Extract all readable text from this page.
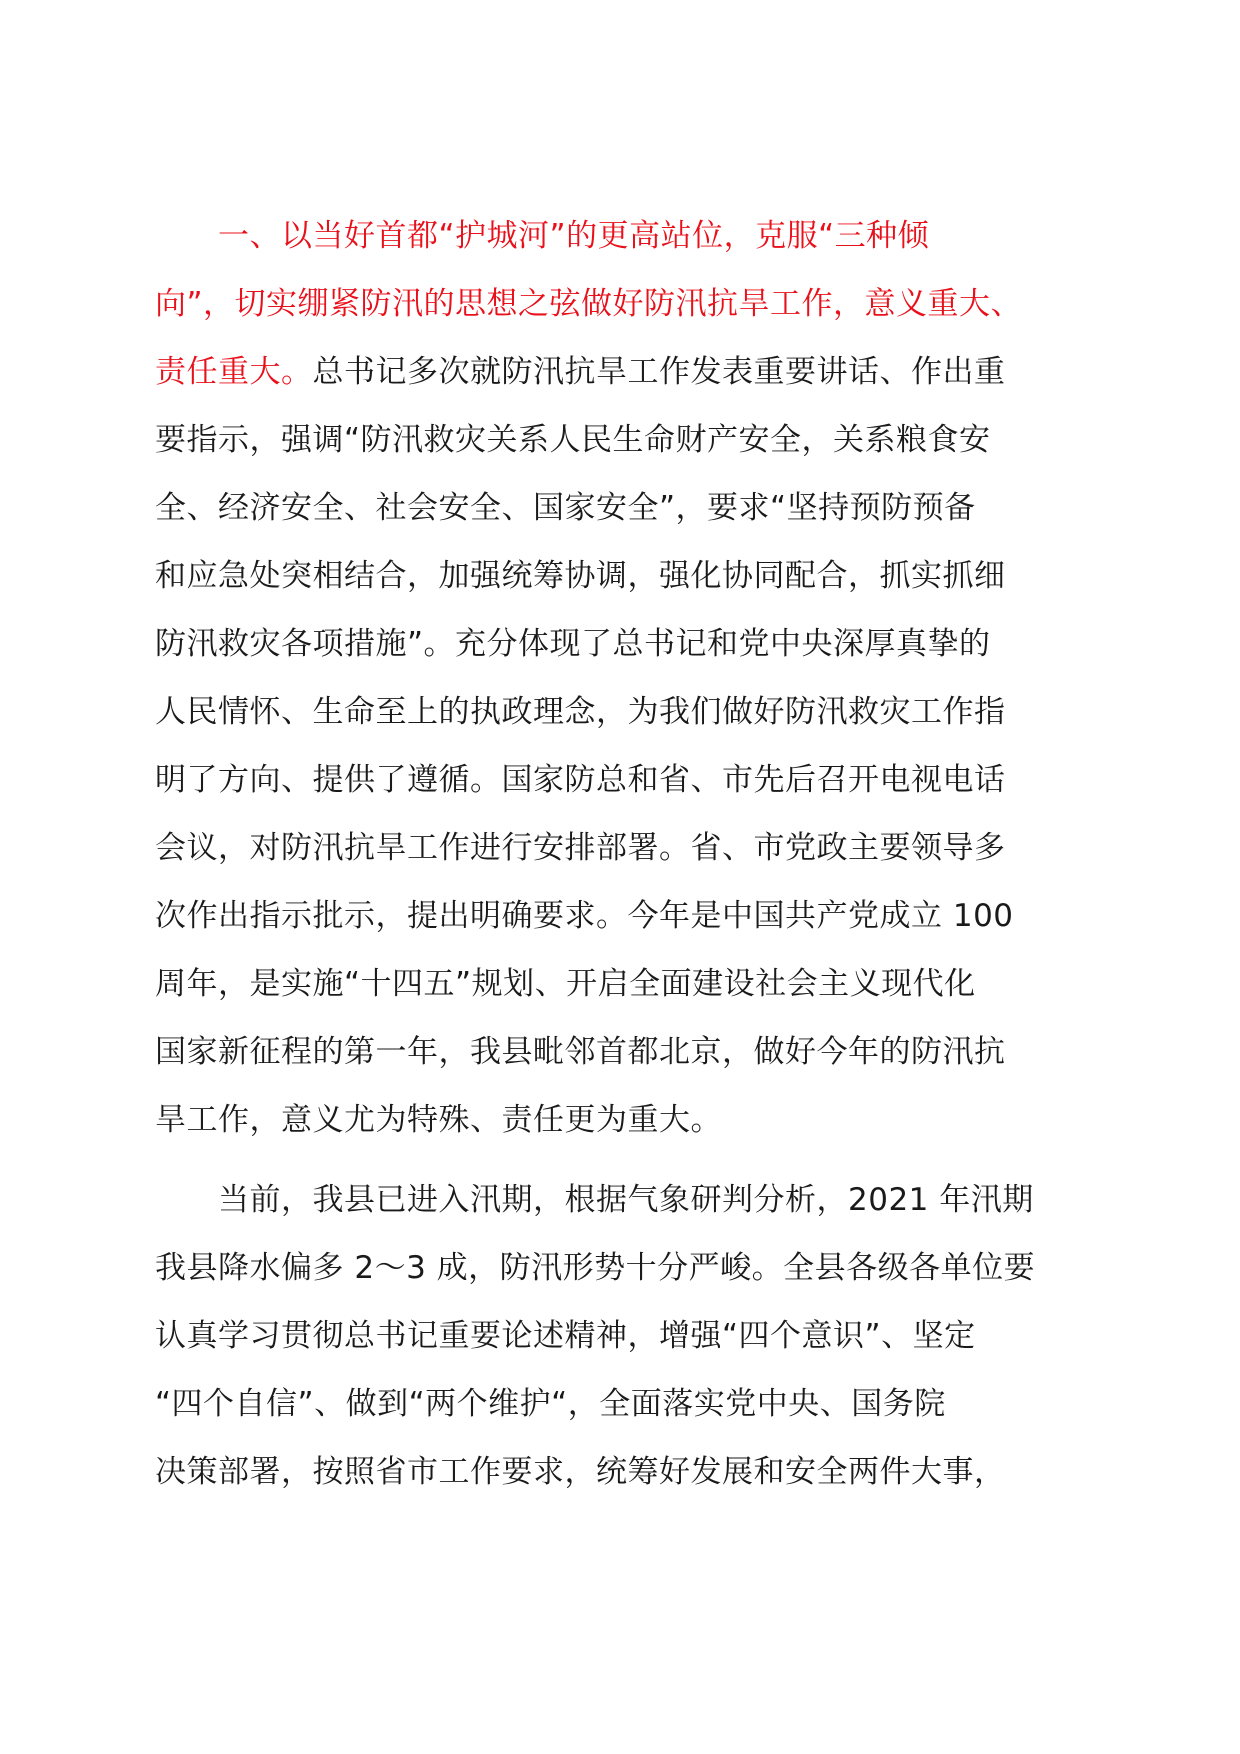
　　一、以当好首都“护城河”的更高站位，克服“三种倾
向”，切实绷紧防汛的思想之弦做好防汛抗旱工作，意义重大、
责任重大。总书记多次就防汛抗旱工作发表重要讲话、作出重
要指示，强调“防汛救灾关系人民生命财产安全，关系粮食安
全、经济安全、社会安全、国家安全”，要求“坚持预防预备
和应急处突相结合，加强统筹协调，强化协同配合，抓实抓细
防汛救灾各项措施”。充分体现了总书记和党中央深厚真挚的
人民情怀、生命至上的执政理念，为我们做好防汛救灾工作指
明了方向、提供了遵循。国家防总和省、市先后召开电视电话
会议，对防汛抗旱工作进行安排部署。省、市党政主要领导多
次作出指示批示，提出明确要求。今年是中国共产党成立 100
周年，是实施“十四五”规划、开启全面建设社会主义现代化
国家新征程的第一年，我县毗邻首都北京，做好今年的防汛抗
旱工作，意义尤为特殊、责任更为重大。
　　当前，我县已进入汛期，根据气象研判分析，2021 年汛期
我县降水偏多 2〜3 成，防汛形势十分严峻。全县各级各单位要
认真学习贯彻总书记重要论述精神，增强“四个意识”、坚定
“四个自信”、做到“两个维护“，全面落实党中央、国务院
决策部署，按照省市工作要求，统筹好发展和安全两件大事，
